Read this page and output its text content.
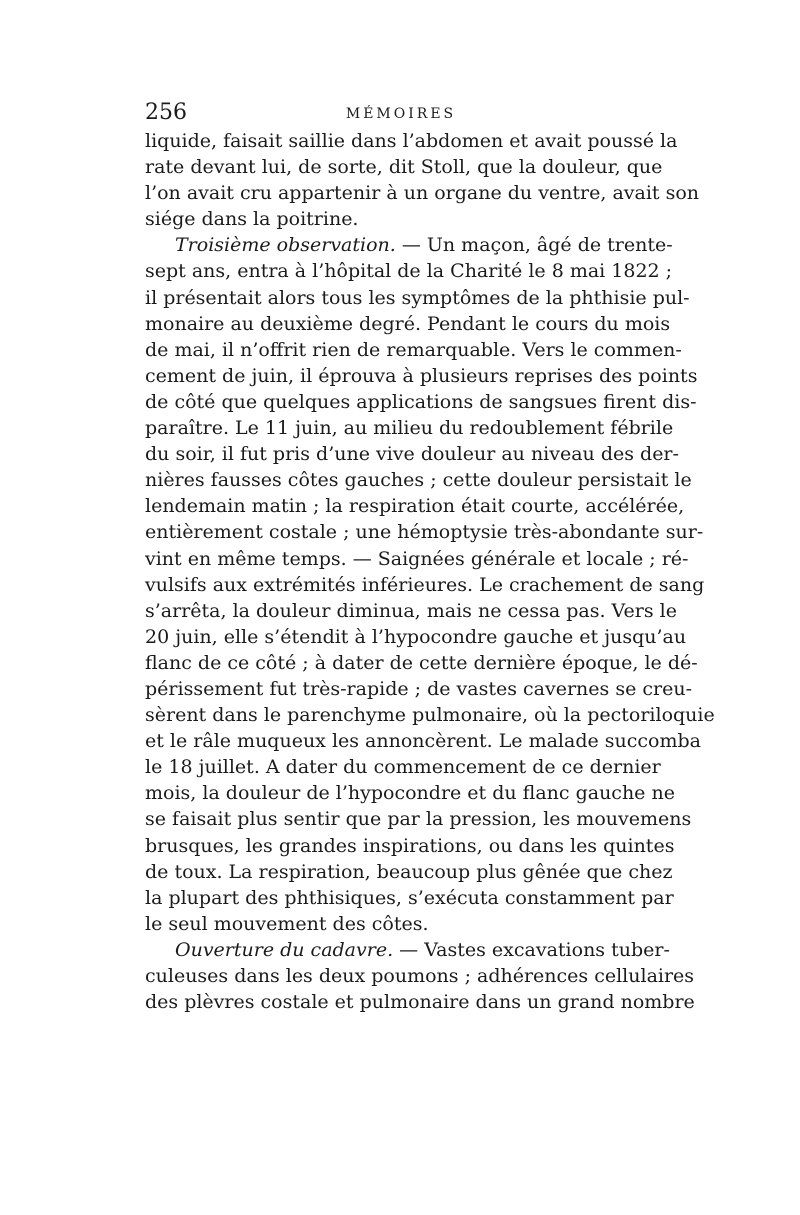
256	MÉMOIRES
liquide, faisait saillie dans l’abdomen et avait poussé la
rate devant lui, de sorte, dit Stoll, que la douleur, que
l’on avait cru appartenir à un organe du ventre, avait son
siége dans la poitrine.
Troisième observation. — Un maçon, âgé de trente-
sept ans, entra à l’hôpital de la Charité le 8 mai 1822 ;
il présentait alors tous les symptômes de la phthisie pul-
monaire au deuxième degré. Pendant le cours du mois
de mai, il n’offrit rien de remarquable. Vers le commen-
cement de juin, il éprouva à plusieurs reprises des points
de côté que quelques applications de sangsues firent dis-
paraître. Le 11 juin, au milieu du redoublement fébrile
du soir, il fut pris d’une vive douleur au niveau des der-
nières fausses côtes gauches ; cette douleur persistait le
lendemain matin ; la respiration était courte, accélérée,
entièrement costale ; une hémoptysie très-abondante sur-
vint en même temps. — Saignées générale et locale ; ré-
vulsifs aux extrémités inférieures. Le crachement de sang
s’arrêta, la douleur diminua, mais ne cessa pas. Vers le
20 juin, elle s’étendit à l’hypocondre gauche et jusqu’au
flanc de ce côté ; à dater de cette dernière époque, le dé-
périssement fut très-rapide ; de vastes cavernes se creu-
sèrent dans le parenchyme pulmonaire, où la pectoriloquie
et le râle muqueux les annoncèrent. Le malade succomba
le 18 juillet. A dater du commencement de ce dernier
mois, la douleur de l’hypocondre et du flanc gauche ne
se faisait plus sentir que par la pression, les mouvemens
brusques, les grandes inspirations, ou dans les quintes
de toux. La respiration, beaucoup plus gênée que chez
la plupart des phthisiques, s’exécuta constamment par
le seul mouvement des côtes.
Ouverture du cadavre. — Vastes excavations tuber-
culeuses dans les deux poumons ; adhérences cellulaires
des plèvres costale et pulmonaire dans un grand nombre
